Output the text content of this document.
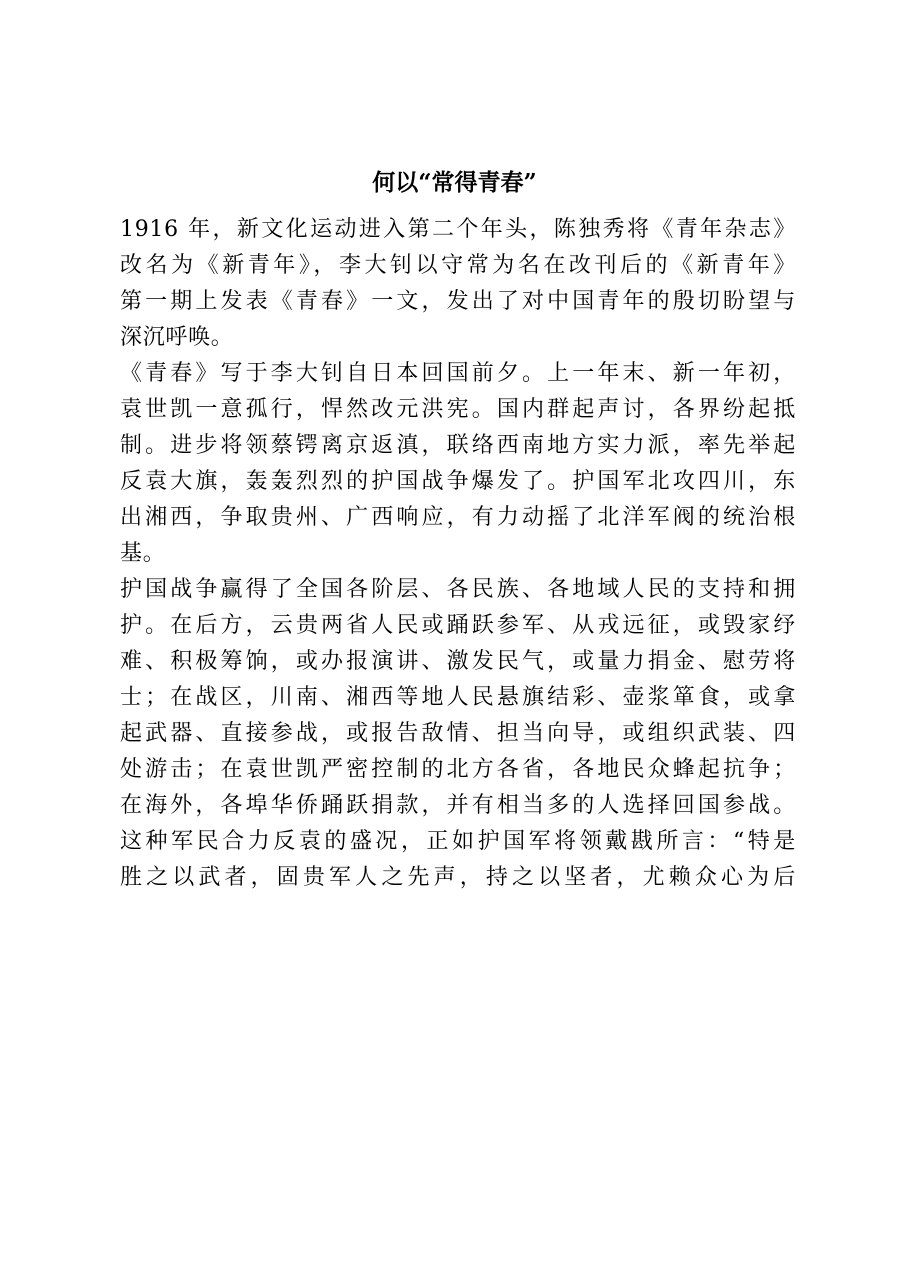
何以“常得青春”
1916 年，新文化运动进入第二个年头，陈独秀将《青年杂志》
改名为《新青年》，李大钊以守常为名在改刊后的《新青年》
第一期上发表《青春》一文，发出了对中国青年的殷切盼望与
深沉呼唤。
《青春》写于李大钊自日本回国前夕。上一年末、新一年初，
袁世凯一意孤行，悍然改元洪宪。国内群起声讨，各界纷起抵
制。进步将领蔡锷离京返滇，联络西南地方实力派，率先举起
反袁大旗，轰轰烈烈的护国战争爆发了。护国军北攻四川，东
出湘西，争取贵州、广西响应，有力动摇了北洋军阀的统治根
基。
护国战争赢得了全国各阶层、各民族、各地域人民的支持和拥
护。在后方，云贵两省人民或踊跃参军、从戎远征，或毁家纾
难、积极筹饷，或办报演讲、激发民气，或量力捐金、慰劳将
士；在战区，川南、湘西等地人民悬旗结彩、壶浆箪食，或拿
起武器、直接参战，或报告敌情、担当向导，或组织武装、四
处游击；在袁世凯严密控制的北方各省，各地民众蜂起抗争；
在海外，各埠华侨踊跃捐款，并有相当多的人选择回国参战。
这种军民合力反袁的盛况，正如护国军将领戴戡所言：“特是
胜之以武者，固贵军人之先声，持之以坚者，尤赖众心为后
